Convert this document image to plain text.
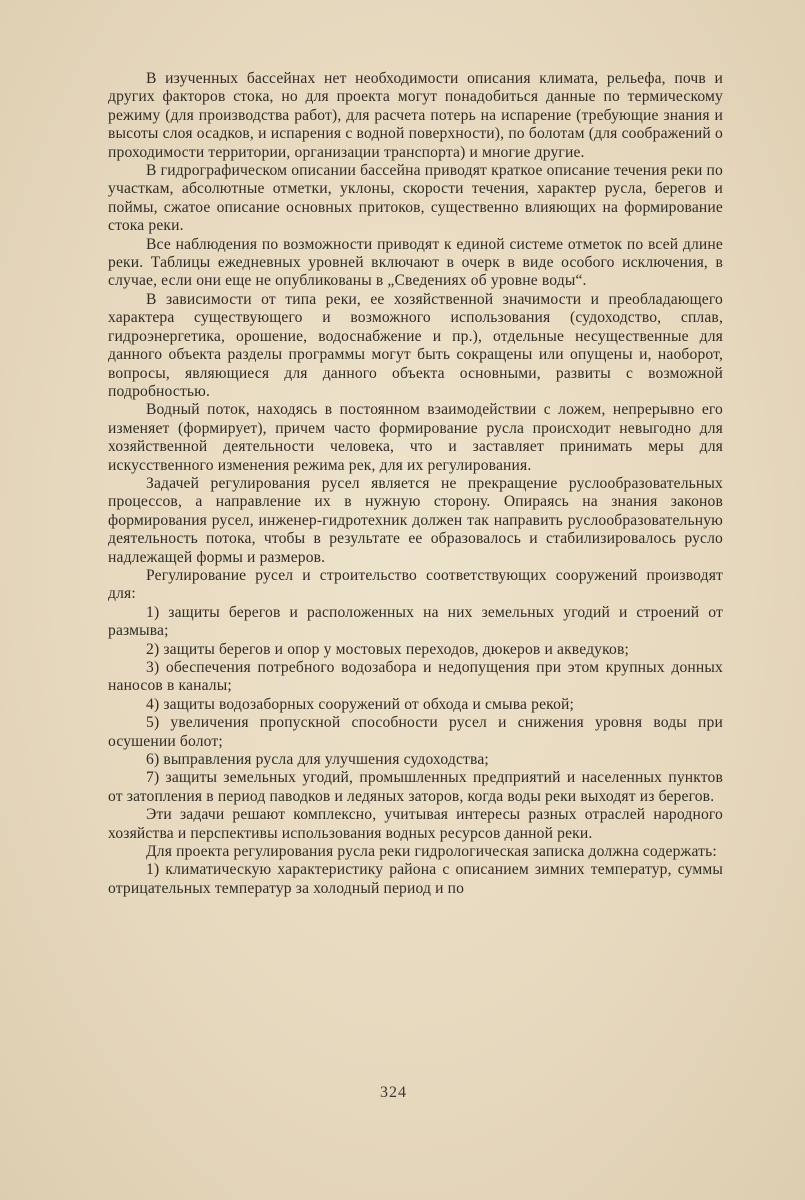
В изученных бассейнах нет необходимости описания климата, рельефа, почв и других факторов стока, но для проекта могут понадобиться данные по термическому режиму (для производства работ), для расчета потерь на испарение (требующие знания и высоты слоя осадков, и испарения с водной поверхности), по болотам (для соображений о проходимости территории, организации транспорта) и многие другие.

В гидрографическом описании бассейна приводят краткое описание течения реки по участкам, абсолютные отметки, уклоны, скорости течения, характер русла, берегов и поймы, сжатое описание основных притоков, существенно влияющих на формирование стока реки.

Все наблюдения по возможности приводят к единой системе отметок по всей длине реки. Таблицы ежедневных уровней включают в очерк в виде особого исключения, в случае, если они еще не опубликованы в „Сведениях об уровне воды“.

В зависимости от типа реки, ее хозяйственной значимости и преобладающего характера существующего и возможного использования (судоходство, сплав, гидроэнергетика, орошение, водоснабжение и пр.), отдельные несущественные для данного объекта разделы программы могут быть сокращены или опущены и, наоборот, вопросы, являющиеся для данного объекта основными, развиты с возможной подробностью.

Водный поток, находясь в постоянном взаимодействии с ложем, непрерывно его изменяет (формирует), причем часто формирование русла происходит невыгодно для хозяйственной деятельности человека, что и заставляет принимать меры для искусственного изменения режима рек, для их регулирования.

Задачей регулирования русел является не прекращение руслообразовательных процессов, а направление их в нужную сторону. Опираясь на знания законов формирования русел, инженер-гидротехник должен так направить руслообразовательную деятельность потока, чтобы в результате ее образовалось и стабилизировалось русло надлежащей формы и размеров.

Регулирование русел и строительство соответствующих сооружений производят для:

1) защиты берегов и расположенных на них земельных угодий и строений от размыва;

2) защиты берегов и опор у мостовых переходов, дюкеров и акведуков;

3) обеспечения потребного водозабора и недопущения при этом крупных донных наносов в каналы;

4) защиты водозаборных сооружений от обхода и смыва рекой;

5) увеличения пропускной способности русел и снижения уровня воды при осушении болот;

6) выправления русла для улучшения судоходства;

7) защиты земельных угодий, промышленных предприятий и населенных пунктов от затопления в период паводков и ледяных заторов, когда воды реки выходят из берегов.

Эти задачи решают комплексно, учитывая интересы разных отраслей народного хозяйства и перспективы использования водных ресурсов данной реки.

Для проекта регулирования русла реки гидрологическая записка должна содержать:

1) климатическую характеристику района с описанием зимних температур, суммы отрицательных температур за холодный период и по

324
